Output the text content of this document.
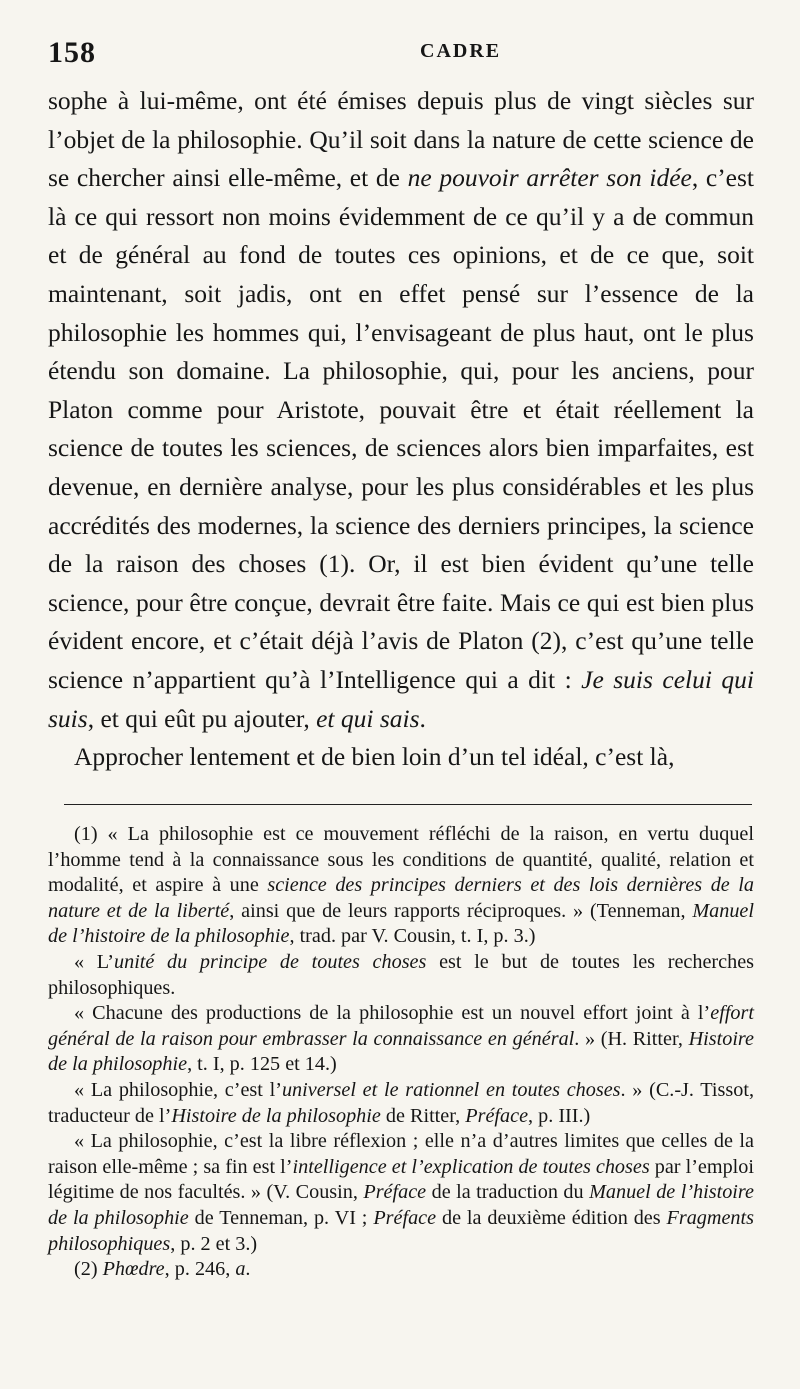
158	CADRE

sophe à lui-même, ont été émises depuis plus de vingt siècles sur l’objet de la philosophie. Qu’il soit dans la nature de cette science de se chercher ainsi elle-même, et de ne pouvoir arrêter son idée, c’est là ce qui ressort non moins évidemment de ce qu’il y a de commun et de général au fond de toutes ces opinions, et de ce que, soit maintenant, soit jadis, ont en effet pensé sur l’essence de la philosophie les hommes qui, l’envisageant de plus haut, ont le plus étendu son domaine. La philosophie, qui, pour les anciens, pour Platon comme pour Aristote, pouvait être et était réellement la science de toutes les sciences, de sciences alors bien imparfaites, est devenue, en dernière analyse, pour les plus considérables et les plus accrédités des modernes, la science des derniers principes, la science de la raison des choses (1). Or, il est bien évident qu’une telle science, pour être conçue, devrait être faite. Mais ce qui est bien plus évident encore, et c’était déjà l’avis de Platon (2), c’est qu’une telle science n’appartient qu’à l’Intelligence qui a dit : Je suis celui qui suis, et qui eût pu ajouter, et qui sais.

Approcher lentement et de bien loin d’un tel idéal, c’est là,

(1) « La philosophie est ce mouvement réfléchi de la raison, en vertu duquel l’homme tend à la connaissance sous les conditions de quantité, qualité, relation et modalité, et aspire à une science des principes derniers et des lois dernières de la nature et de la liberté, ainsi que de leurs rapports réciproques. » (Tenneman, Manuel de l’histoire de la philosophie, trad. par V. Cousin, t. I, p. 3.)

« L’unité du principe de toutes choses est le but de toutes les recherches philosophiques.

« Chacune des productions de la philosophie est un nouvel effort joint à l’effort général de la raison pour embrasser la connaissance en général. » (H. Ritter, Histoire de la philosophie, t. I, p. 125 et 14.)

« La philosophie, c’est l’universel et le rationnel en toutes choses. » (C.-J. Tissot, traducteur de l’Histoire de la philosophie de Ritter, Préface, p. III.)

« La philosophie, c’est la libre réflexion ; elle n’a d’autres limites que celles de la raison elle-même ; sa fin est l’intelligence et l’explication de toutes choses par l’emploi légitime de nos facultés. » (V. Cousin, Préface de la traduction du Manuel de l’histoire de la philosophie de Tenneman, p. VI ; Préface de la deuxième édition des Fragments philosophiques, p. 2 et 3.)

(2) Phœdre, p. 246, a.
